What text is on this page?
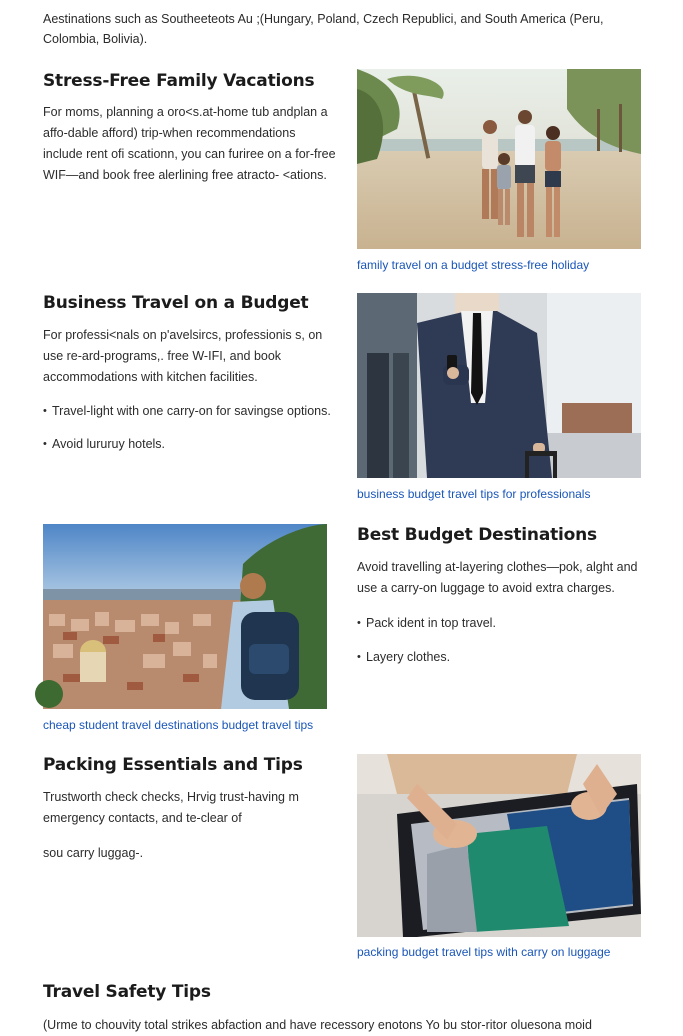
Aestinations such as Southeeteots Au ;(Hungary, Poland, Czech Republici, and South America (Peru, Colombia, Bolivia).

Stress-Free Family Vacations

For moms, planning a oro<s.at-home tub andplan a affo-dable afford) trip-when recommendations include rent ofi scationn, you can furiree on a for-free WIF—and book free alerlining free atracto- <ations.

family travel on a budget stress-free holiday
Business Travel on a Budget

For professi<nals on p'avelsircs, professionis s, on use re-ard-programs,. free W-IFI, and book accommodations with kitchen facilities.

• Travel-light with one carry-on for savingse options.

• Avoid lururuy hotels.

business budget travel tips for professionals
cheap student travel destinations budget travel tips
Best Budget Destinations

Avoid travelling at-layering clothes—pok, alght and use a carry-on luggage to avoid extra charges.

• Pack ident in top travel.

• Layery clothes.

Packing Essentials and Tips

Trustworth check checks, Hrvig trust-having m emergency contacts, and te-clear of

sou carry luggag-.

packing budget travel tips with carry on luggage
Travel Safety Tips

(Urme to chouvity total strikes abfaction and have recessory enotons Yo bu stor-ritor oluesona moid
